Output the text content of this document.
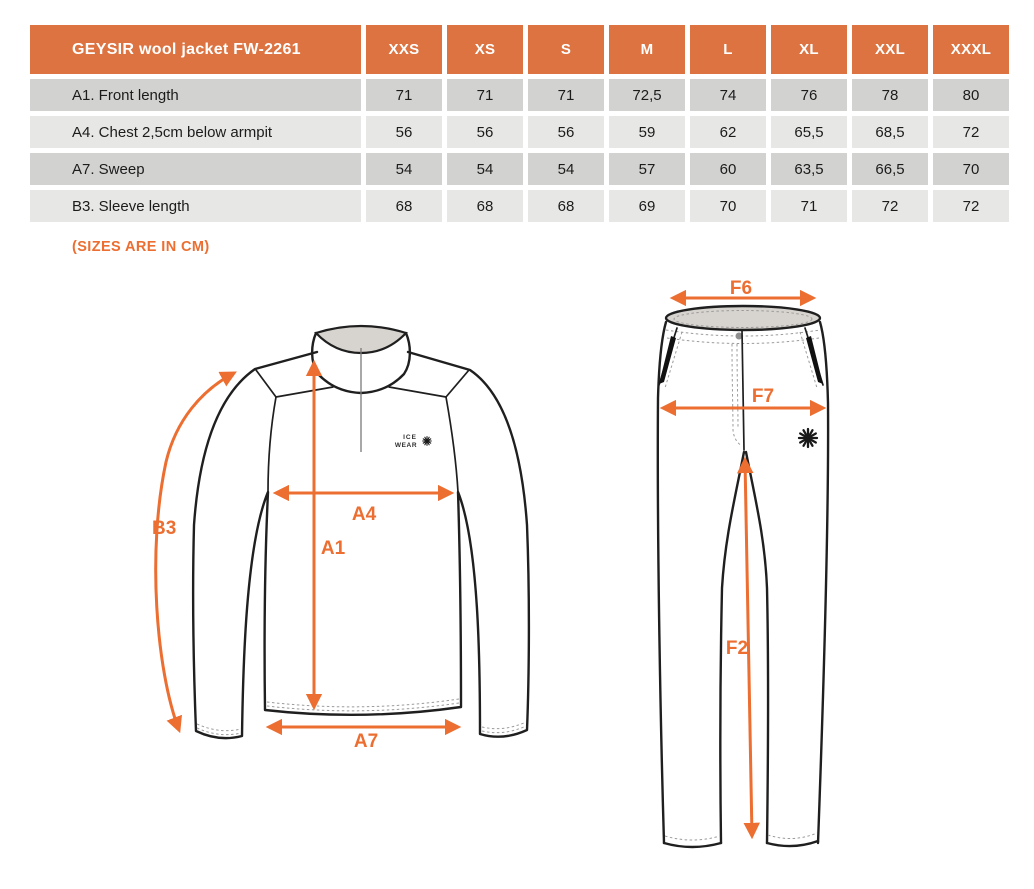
GEYSIR wool jacket FW-2261	XXS	XS	S	M	L	XL	XXL	XXXL
A1. Front length	71	71	71	72,5	74	76	78	80
A4. Chest 2,5cm below armpit	56	56	56	59	62	65,5	68,5	72
A7. Sweep	54	54	54	57	60	63,5	66,5	70
B3. Sleeve length	68	68	68	69	70	71	72	72
(SIZES ARE IN CM)
ICE
WEAR
B3
A4
A1
A7
F6
F7
F2
